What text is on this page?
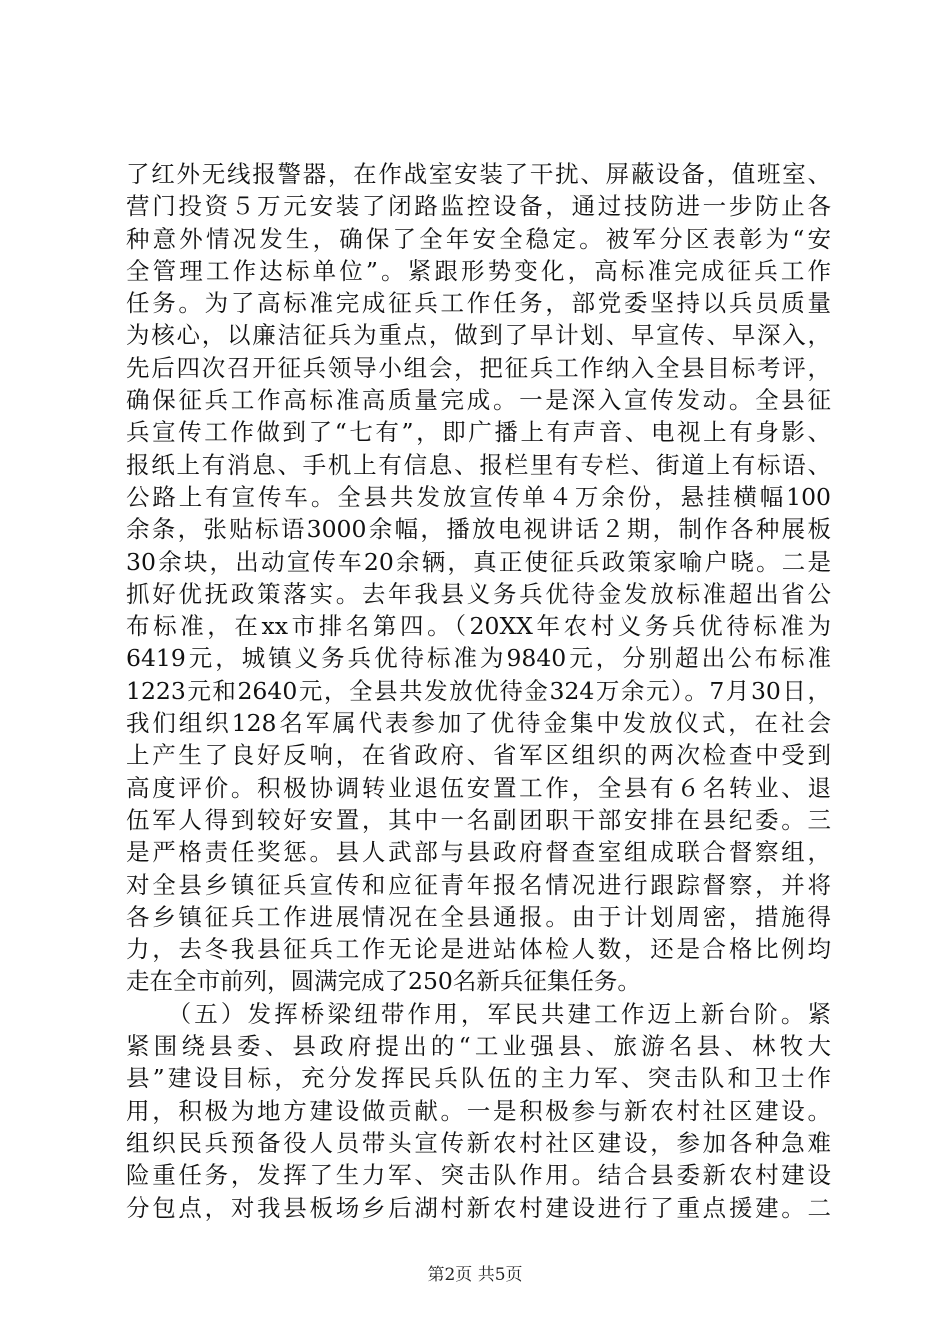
了红外无线报警器，在作战室安装了干扰、屏蔽设备，值班室、
营门投资５万元安装了闭路监控设备，通过技防进一步防止各
种意外情况发生，确保了全年安全稳定。被军分区表彰为“安
全管理工作达标单位”。紧跟形势变化，高标准完成征兵工作
任务。为了高标准完成征兵工作任务，部党委坚持以兵员质量
为核心，以廉洁征兵为重点，做到了早计划、早宣传、早深入，
先后四次召开征兵领导小组会，把征兵工作纳入全县目标考评，
确保征兵工作高标准高质量完成。一是深入宣传发动。全县征
兵宣传工作做到了“七有”，即广播上有声音、电视上有身影、
报纸上有消息、手机上有信息、报栏里有专栏、街道上有标语、
公路上有宣传车。全县共发放宣传单４万余份，悬挂横幅100
余条，张贴标语3000余幅，播放电视讲话２期，制作各种展板
30余块，出动宣传车20余辆，真正使征兵政策家喻户晓。二是
抓好优抚政策落实。去年我县义务兵优待金发放标准超出省公
布标准，在xx市排名第四。（20XX年农村义务兵优待标准为
6419元，城镇义务兵优待标准为9840元，分别超出公布标准
1223元和2640元，全县共发放优待金324万余元）。7月30日，
我们组织128名军属代表参加了优待金集中发放仪式，在社会
上产生了良好反响，在省政府、省军区组织的两次检查中受到
高度评价。积极协调转业退伍安置工作，全县有６名转业、退
伍军人得到较好安置，其中一名副团职干部安排在县纪委。三
是严格责任奖惩。县人武部与县政府督查室组成联合督察组，
对全县乡镇征兵宣传和应征青年报名情况进行跟踪督察，并将
各乡镇征兵工作进展情况在全县通报。由于计划周密，措施得
力，去冬我县征兵工作无论是进站体检人数，还是合格比例均
走在全市前列，圆满完成了250名新兵征集任务。
　　（五）发挥桥梁纽带作用，军民共建工作迈上新台阶。紧
紧围绕县委、县政府提出的“工业强县、旅游名县、林牧大
县”建设目标，充分发挥民兵队伍的主力军、突击队和卫士作
用，积极为地方建设做贡献。一是积极参与新农村社区建设。
组织民兵预备役人员带头宣传新农村社区建设，参加各种急难
险重任务，发挥了生力军、突击队作用。结合县委新农村建设
分包点，对我县板场乡后湖村新农村建设进行了重点援建。二
第2页 共5页
